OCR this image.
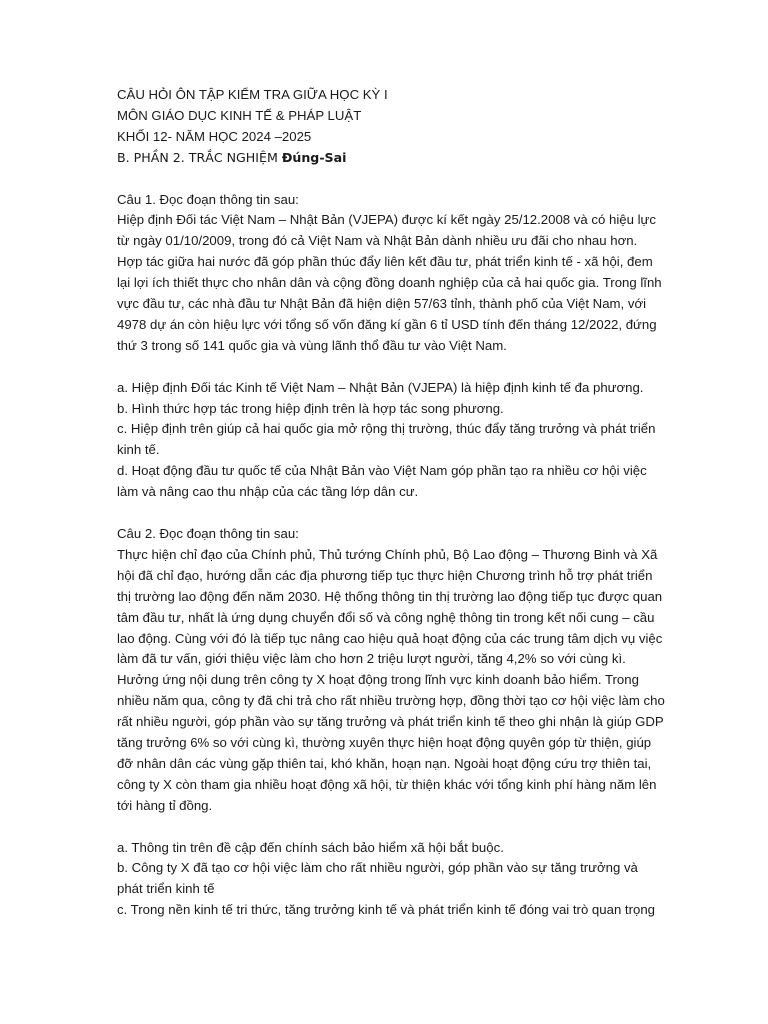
CÂU HỎI ÔN TẬP KIỂM TRA GIỮA HỌC KỲ I
MÔN GIÁO DỤC KINH TẾ & PHÁP LUẬT
KHỐI 12- NĂM HỌC 2024 –2025
B. PHẦN 2. TRẮC NGHIỆM Đúng-Sai
Câu 1. Đọc đoạn thông tin sau:
Hiệp định Đối tác Việt Nam – Nhật Bản (VJEPA) được kí kết ngày 25/12.2008 và có hiệu lực
từ ngày 01/10/2009, trong đó cả Việt Nam và Nhật Bản dành nhiều ưu đãi cho nhau hơn.
Hợp tác giữa hai nước đã góp phần thúc đẩy liên kết đầu tư, phát triển kinh tế - xã hội, đem
lại lợi ích thiết thực cho nhân dân và cộng đồng doanh nghiệp của cả hai quốc gia. Trong lĩnh
vực đầu tư, các nhà đầu tư Nhật Bản đã hiện diện 57/63 tỉnh, thành phố của Việt Nam, với
4978 dự án còn hiệu lực với tổng số vốn đăng kí gần 6 tỉ USD tính đến tháng 12/2022, đứng
thứ 3 trong số 141 quốc gia và vùng lãnh thổ đầu tư vào Việt Nam.
a. Hiệp định Đối tác Kinh tế Việt Nam – Nhật Bản (VJEPA) là hiệp định kinh tế đa phương.
b. Hình thức hợp tác trong hiệp định trên là hợp tác song phương.
c. Hiệp định trên giúp cả hai quốc gia mở rộng thị trường, thúc đẩy tăng trưởng và phát triển
kinh tế.
d. Hoạt động đầu tư quốc tế của Nhật Bản vào Việt Nam góp phần tạo ra nhiều cơ hội việc
làm và nâng cao thu nhập của các tầng lớp dân cư.
Câu 2. Đọc đoạn thông tin sau:
Thực hiện chỉ đạo của Chính phủ, Thủ tướng Chính phủ, Bộ Lao động – Thương Binh và Xã
hội đã chỉ đạo, hướng dẫn các địa phương tiếp tục thực hiện Chương trình hỗ trợ phát triển
thị trường lao động đến năm 2030. Hệ thống thông tin thị trường lao động tiếp tục được quan
tâm đầu tư, nhất là ứng dụng chuyển đổi số và công nghệ thông tin trong kết nối cung – cầu
lao động. Cùng với đó là tiếp tục nâng cao hiệu quả hoạt động của các trung tâm dịch vụ việc
làm đã tư vấn, giới thiệu việc làm cho hơn 2 triệu lượt người, tăng 4,2% so với cùng kì.
Hưởng ứng nội dung trên công ty X hoạt động trong lĩnh vực kinh doanh bảo hiểm. Trong
nhiều năm qua, công ty đã chi trả cho rất nhiều trường hợp, đồng thời tạo cơ hội việc làm cho
rất nhiều người, góp phần vào sự tăng trưởng và phát triển kinh tế theo ghi nhận là giúp GDP
tăng trưởng 6% so với cùng kì, thường xuyên thực hiện hoạt động quyên góp từ thiện, giúp
đỡ nhân dân các vùng gặp thiên tai, khó khăn, hoạn nạn. Ngoài hoạt động cứu trợ thiên tai,
công ty X còn tham gia nhiều hoạt động xã hội, từ thiện khác với tổng kinh phí hàng năm lên
tới hàng tỉ đồng.
a. Thông tin trên đề cập đến chính sách bảo hiểm xã hội bắt buộc.
b. Công ty X đã tạo cơ hội việc làm cho rất nhiều người, góp phần vào sự tăng trưởng và
phát triển kinh tế
c. Trong nền kinh tế tri thức, tăng trưởng kinh tế và phát triển kinh tế đóng vai trò quan trọng
